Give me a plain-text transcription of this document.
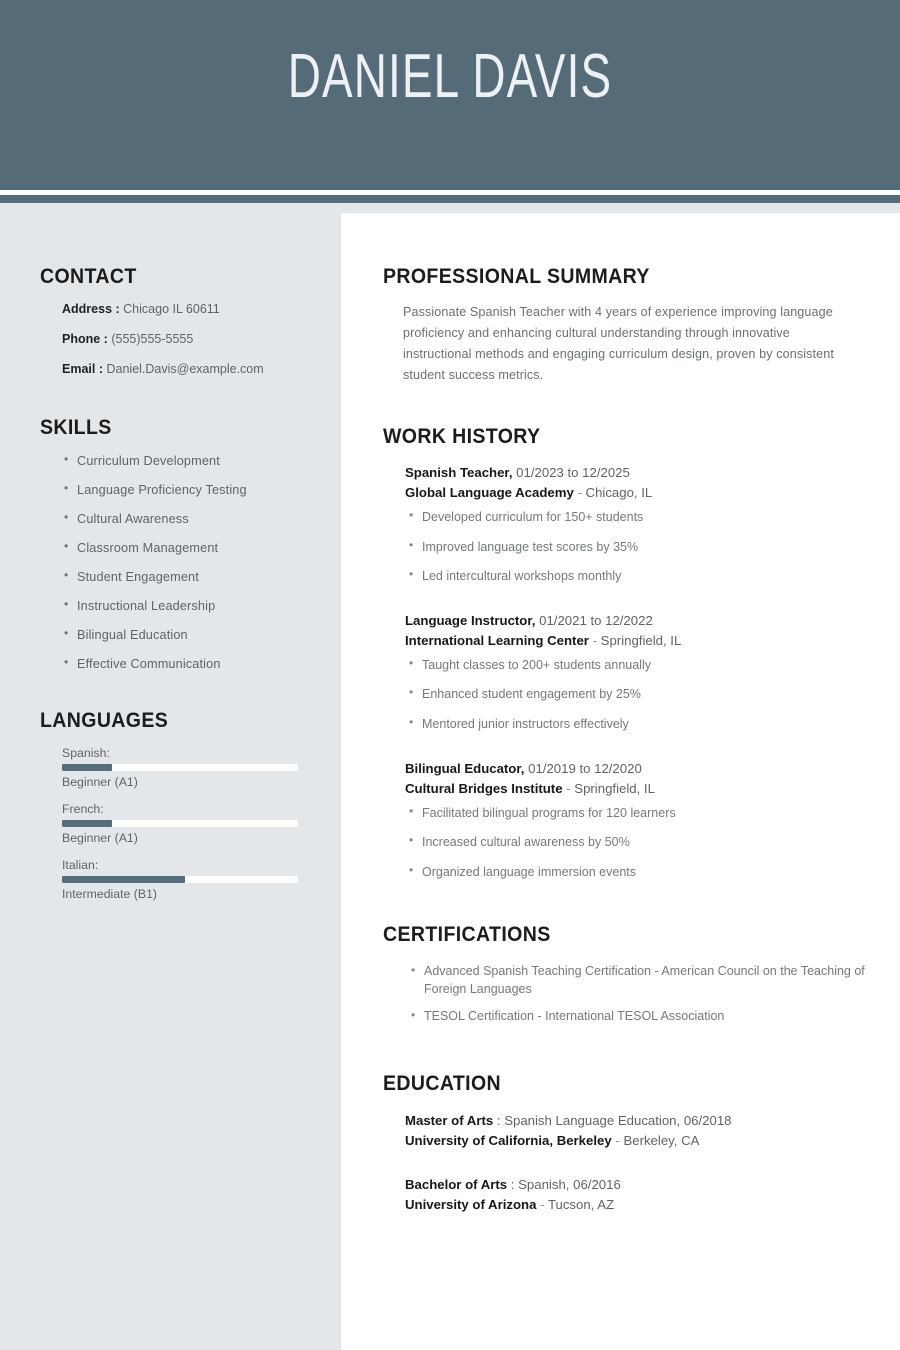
DANIEL DAVIS
CONTACT
Address : Chicago IL 60611
Phone : (555)555-5555
Email : Daniel.Davis@example.com
SKILLS
• Curriculum Development
• Language Proficiency Testing
• Cultural Awareness
• Classroom Management
• Student Engagement
• Instructional Leadership
• Bilingual Education
• Effective Communication
LANGUAGES
Spanish:
Beginner (A1)
French:
Beginner (A1)
Italian:
Intermediate (B1)
PROFESSIONAL SUMMARY
Passionate Spanish Teacher with 4 years of experience improving language proficiency and enhancing cultural understanding through innovative instructional methods and engaging curriculum design, proven by consistent student success metrics.
WORK HISTORY
Spanish Teacher, 01/2023 to 12/2025
Global Language Academy - Chicago, IL
• Developed curriculum for 150+ students
• Improved language test scores by 35%
• Led intercultural workshops monthly
Language Instructor, 01/2021 to 12/2022
International Learning Center - Springfield, IL
• Taught classes to 200+ students annually
• Enhanced student engagement by 25%
• Mentored junior instructors effectively
Bilingual Educator, 01/2019 to 12/2020
Cultural Bridges Institute - Springfield, IL
• Facilitated bilingual programs for 120 learners
• Increased cultural awareness by 50%
• Organized language immersion events
CERTIFICATIONS
• Advanced Spanish Teaching Certification - American Council on the Teaching of Foreign Languages
• TESOL Certification - International TESOL Association
EDUCATION
Master of Arts : Spanish Language Education, 06/2018
University of California, Berkeley - Berkeley, CA
Bachelor of Arts : Spanish, 06/2016
University of Arizona - Tucson, AZ
